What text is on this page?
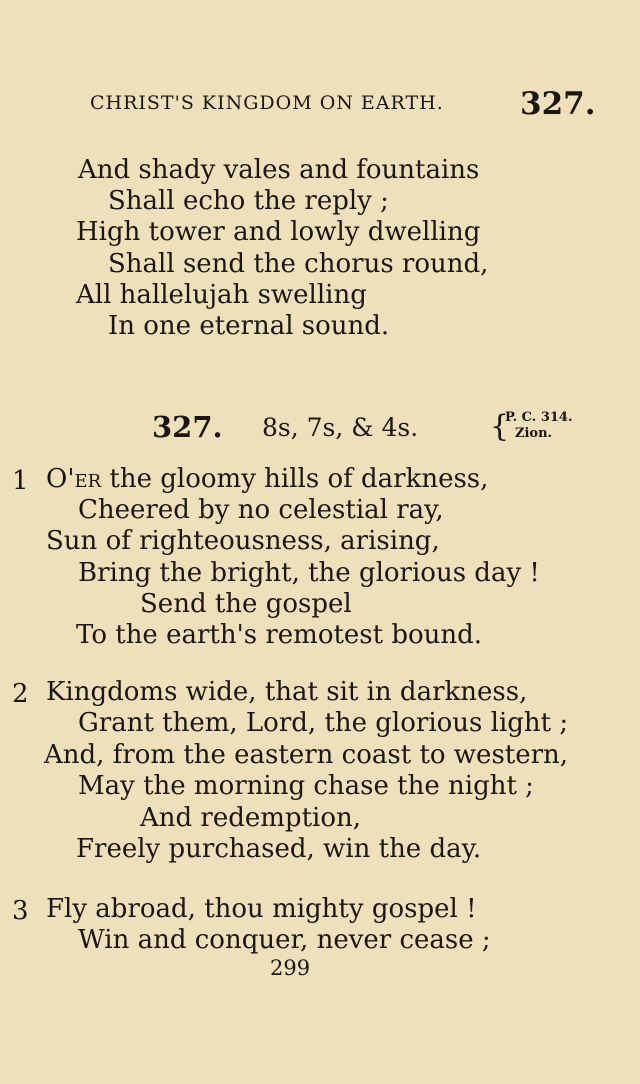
CHRIST'S KINGDOM ON EARTH. 327.
And shady vales and fountains
Shall echo the reply ;
High tower and lowly dwelling
Shall send the chorus round,
All hallelujah swelling
In one eternal sound.
327. 8s, 7s, & 4s. {
P. C. 314.
Zion.
1 O'er the gloomy hills of darkness,
Cheered by no celestial ray,
Sun of righteousness, arising,
Bring the bright, the glorious day !
Send the gospel
To the earth's remotest bound.
2 Kingdoms wide, that sit in darkness,
Grant them, Lord, the glorious light ;
And, from the eastern coast to western,
May the morning chase the night ;
And redemption,
Freely purchased, win the day.
3 Fly abroad, thou mighty gospel !
Win and conquer, never cease ;
299
